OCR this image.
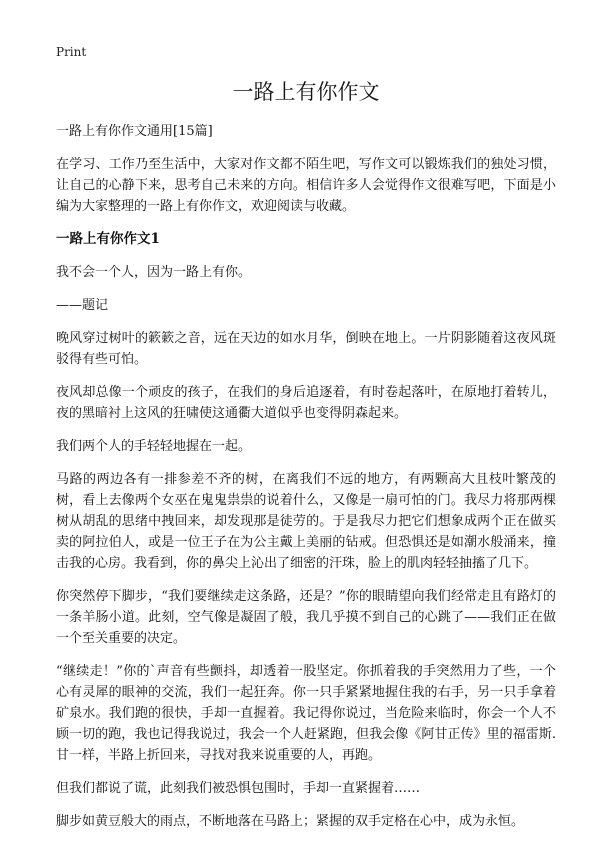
Print
一路上有你作文

一路上有你作文通用[15篇]

在学习、工作乃至生活中，大家对作文都不陌生吧，写作文可以锻炼我们的独处习惯，让自己的心静下来，思考自己未来的方向。相信许多人会觉得作文很难写吧，下面是小编为大家整理的一路上有你作文，欢迎阅读与收藏。

一路上有你作文1

我不会一个人，因为一路上有你。

——题记

晚风穿过树叶的簌簌之音，远在天边的如水月华，倒映在地上。一片阴影随着这夜风斑驳得有些可怕。

夜风却总像一个顽皮的孩子，在我们的身后追逐着，有时卷起落叶，在原地打着转儿，夜的黑暗衬上这风的狂啸使这通衢大道似乎也变得阴森起来。

我们两个人的手轻轻地握在一起。

马路的两边各有一排参差不齐的树，在离我们不远的地方，有两颗高大且枝叶繁茂的树，看上去像两个女巫在鬼鬼祟祟的说着什么，又像是一扇可怕的门。我尽力将那两棵树从胡乱的思绪中拽回来，却发现那是徒劳的。于是我尽力把它们想象成两个正在做买卖的阿拉伯人，或是一位王子在为公主戴上美丽的钻戒。但恐惧还是如潮水般涌来，撞击我的心房。我看到，你的鼻尖上沁出了细密的汗珠，脸上的肌肉轻轻抽搐了几下。

你突然停下脚步，“我们要继续走这条路，还是？”你的眼睛望向我们经常走且有路灯的一条羊肠小道。此刻，空气像是凝固了般，我几乎摸不到自己的心跳了——我们正在做一个至关重要的决定。

“继续走！”你的`声音有些颤抖，却透着一股坚定。你抓着我的手突然用力了些，一个心有灵犀的眼神的交流，我们一起狂奔。你一只手紧紧地握住我的右手，另一只手拿着矿泉水。我们跑的很快，手却一直握着。我记得你说过，当危险来临时，你会一个人不顾一切的跑，我也记得我说过，我会一个人赶紧跑，但我会像《阿甘正传》里的福雷斯.甘一样，半路上折回来，寻找对我来说重要的人，再跑。

但我们都说了谎，此刻我们被恐惧包围时，手却一直紧握着……

脚步如黄豆般大的雨点，不断地落在马路上；紧握的双手定格在心中，成为永恒。
